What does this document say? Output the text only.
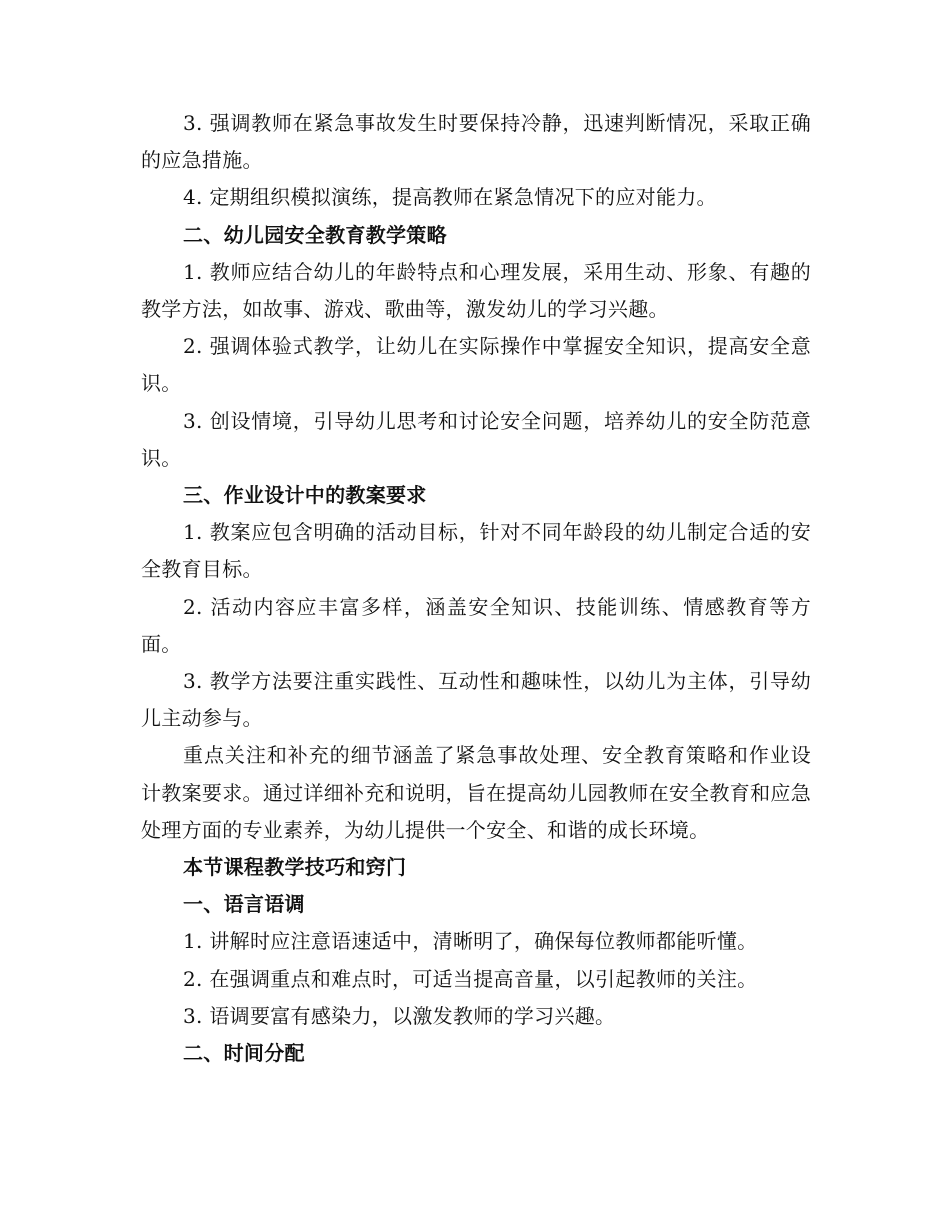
3. 强调教师在紧急事故发生时要保持冷静，迅速判断情况，采取正确的应急措施。

4. 定期组织模拟演练，提高教师在紧急情况下的应对能力。

二、幼儿园安全教育教学策略

1. 教师应结合幼儿的年龄特点和心理发展，采用生动、形象、有趣的教学方法，如故事、游戏、歌曲等，激发幼儿的学习兴趣。

2. 强调体验式教学，让幼儿在实际操作中掌握安全知识，提高安全意识。

3. 创设情境，引导幼儿思考和讨论安全问题，培养幼儿的安全防范意识。

三、作业设计中的教案要求

1. 教案应包含明确的活动目标，针对不同年龄段的幼儿制定合适的安全教育目标。

2. 活动内容应丰富多样，涵盖安全知识、技能训练、情感教育等方面。

3. 教学方法要注重实践性、互动性和趣味性，以幼儿为主体，引导幼儿主动参与。

重点关注和补充的细节涵盖了紧急事故处理、安全教育策略和作业设计教案要求。通过详细补充和说明，旨在提高幼儿园教师在安全教育和应急处理方面的专业素养，为幼儿提供一个安全、和谐的成长环境。

本节课程教学技巧和窍门

一、语言语调

1. 讲解时应注意语速适中，清晰明了，确保每位教师都能听懂。

2. 在强调重点和难点时，可适当提高音量，以引起教师的关注。

3. 语调要富有感染力，以激发教师的学习兴趣。

二、时间分配
